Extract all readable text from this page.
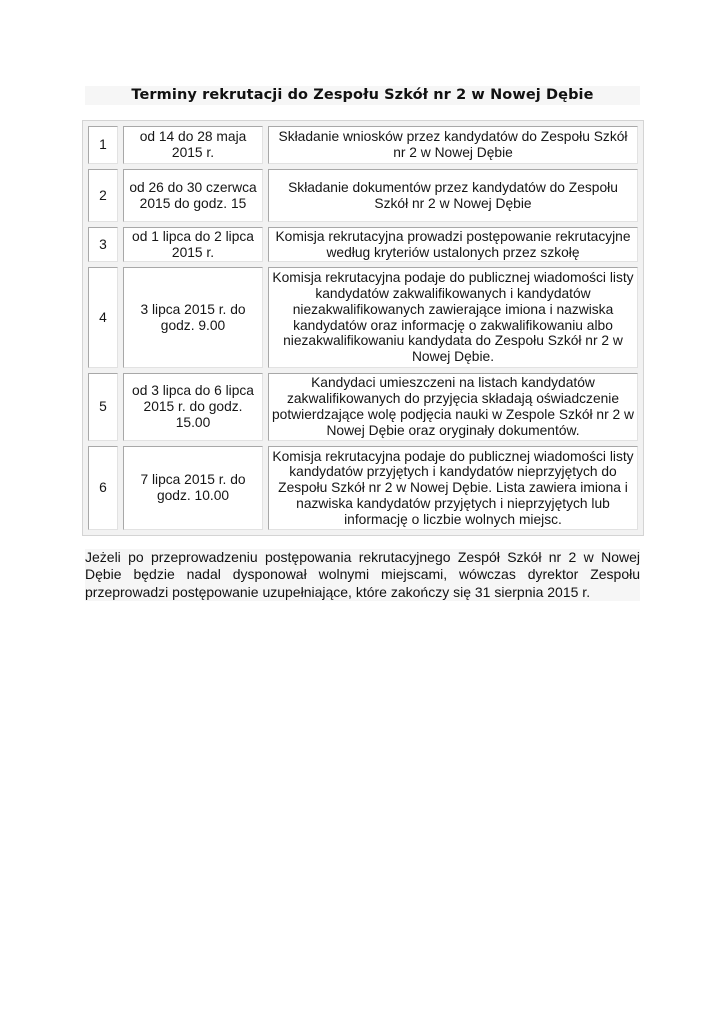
Terminy rekrutacji do Zespołu Szkół nr 2 w Nowej Dębie
1	od 14 do 28 maja 2015 r.	Składanie wniosków przez kandydatów do Zespołu Szkół nr 2 w Nowej Dębie
2	od 26 do 30 czerwca 2015 do godz. 15	Składanie dokumentów przez kandydatów do Zespołu Szkół nr 2 w Nowej Dębie
3	od 1 lipca do 2 lipca 2015 r.	Komisja rekrutacyjna prowadzi postępowanie rekrutacyjne według kryteriów ustalonych przez szkołę
4	3 lipca 2015 r. do godz. 9.00	Komisja rekrutacyjna podaje do publicznej wiadomości listy kandydatów zakwalifikowanych i kandydatów niezakwalifikowanych zawierające imiona i nazwiska kandydatów oraz informację o zakwalifikowaniu albo niezakwalifikowaniu kandydata do Zespołu Szkół nr 2 w Nowej Dębie.
5	od 3 lipca do 6 lipca 2015 r. do godz. 15.00	Kandydaci umieszczeni na listach kandydatów zakwalifikowanych do przyjęcia składają oświadczenie potwierdzające wolę podjęcia nauki w Zespole Szkół nr 2 w Nowej Dębie oraz oryginały dokumentów.
6	7 lipca 2015 r. do godz. 10.00	Komisja rekrutacyjna podaje do publicznej wiadomości listy kandydatów przyjętych i kandydatów nieprzyjętych do Zespołu Szkół nr 2 w Nowej Dębie. Lista zawiera imiona i nazwiska kandydatów przyjętych i nieprzyjętych lub informację o liczbie wolnych miejsc.
Jeżeli po przeprowadzeniu postępowania rekrutacyjnego Zespół Szkół nr 2 w Nowej Dębie będzie nadal dysponował wolnymi miejscami, wówczas dyrektor Zespołu przeprowadzi postępowanie uzupełniające, które zakończy się 31 sierpnia 2015 r.
